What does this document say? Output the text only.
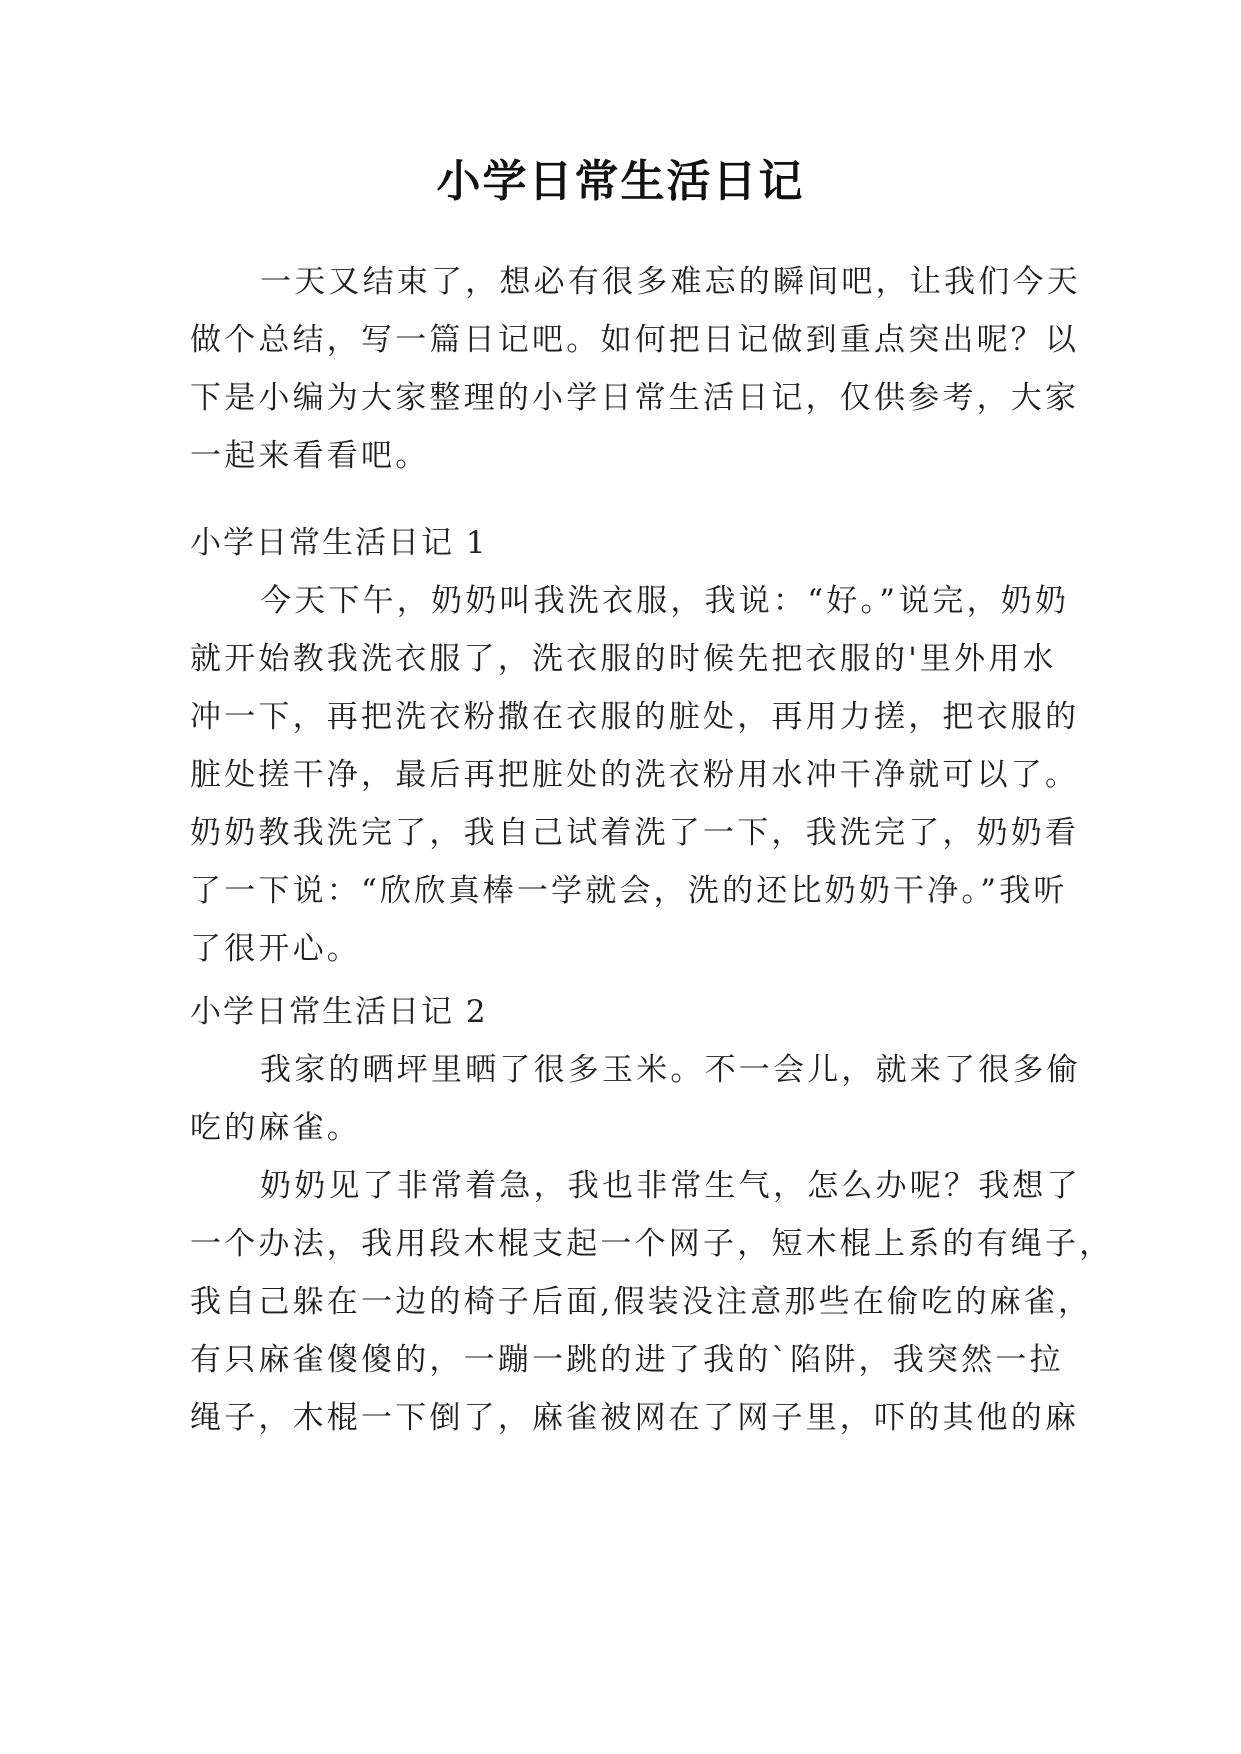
小学日常生活日记
一天又结束了，想必有很多难忘的瞬间吧，让我们今天
做个总结，写一篇日记吧。如何把日记做到重点突出呢？以
下是小编为大家整理的小学日常生活日记，仅供参考，大家
一起来看看吧。
小学日常生活日记 1
今天下午，奶奶叫我洗衣服，我说：“好。”说完，奶奶
就开始教我洗衣服了，洗衣服的时候先把衣服的'里外用水
冲一下，再把洗衣粉撒在衣服的脏处，再用力搓，把衣服的
脏处搓干净，最后再把脏处的洗衣粉用水冲干净就可以了。
奶奶教我洗完了，我自己试着洗了一下，我洗完了，奶奶看
了一下说：“欣欣真棒一学就会，洗的还比奶奶干净。”我听
了很开心。
小学日常生活日记 2
我家的晒坪里晒了很多玉米。不一会儿，就来了很多偷
吃的麻雀。
奶奶见了非常着急，我也非常生气，怎么办呢？我想了
一个办法，我用段木棍支起一个网子，短木棍上系的有绳子，
我自己躲在一边的椅子后面,假装没注意那些在偷吃的麻雀，
有只麻雀傻傻的，一蹦一跳的进了我的`陷阱，我突然一拉
绳子，木棍一下倒了，麻雀被网在了网子里，吓的其他的麻
